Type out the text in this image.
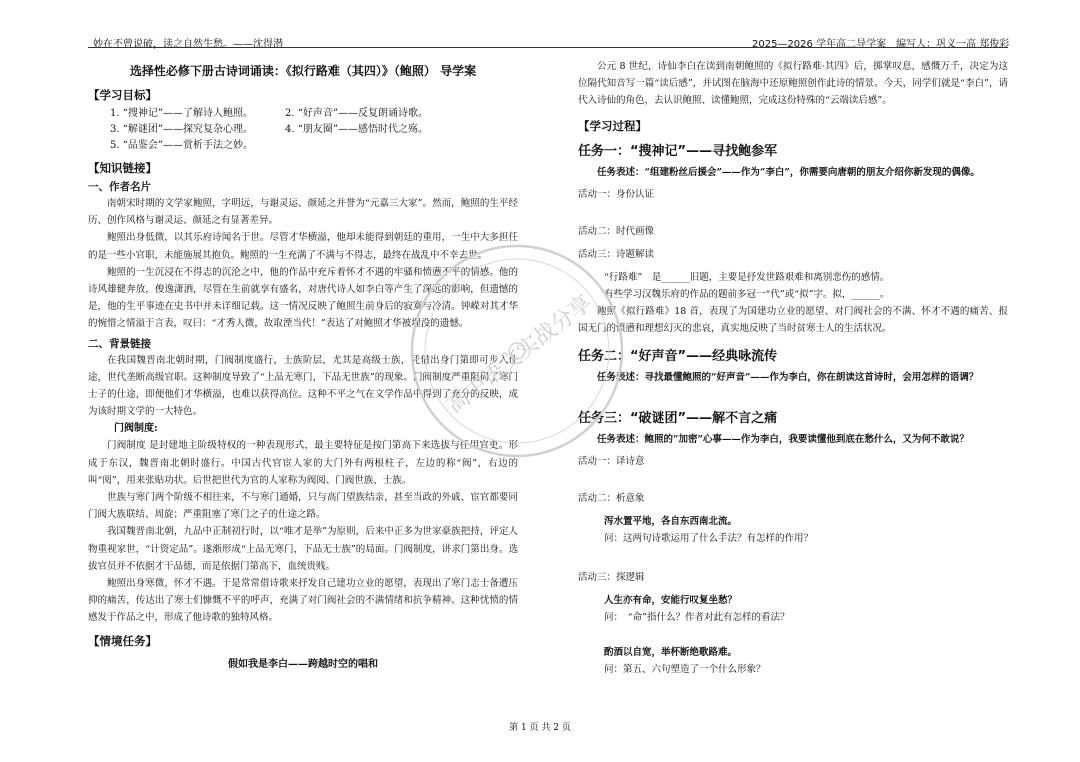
妙在不曾说破，读之自然生愁。——沈得潜	2025—2026 学年高二导学案　编写人：巩义一高 郑俊彩
选择性必修下册古诗词诵读：《拟行路难（其四）》（鲍照） 导学案
【学习目标】
1. “搜神记”——了解诗人鲍照。	2. “好声音”——反复朗诵诗歌。
3. “解谜团”——探究复杂心理。	4. “朋友圈”——感悟时代之殇。
5. “品鉴会”——赏析手法之妙。
【知识链接】
一、作者名片

南朝宋时期的文学家鲍照，字明远，与谢灵运、颜延之并誉为“元嘉三大家”。然而，鲍照的生平经历、创作风格与谢灵运、颜延之有显著差异。

鲍照出身低微，以其乐府诗闻名于世。尽管才华横溢，他却未能得到朝廷的重用，一生中大多担任的是一些小官职，未能施展其抱负。鲍照的一生充满了不满与不得志，最终在战乱中不幸去世。

鲍照的一生沉浸在不得志的沉沦之中，他的作品中充斥着怀才不遇的牢骚和愤懑不平的情感。他的诗风雄健奔放，俊逸潇洒，尽管在生前就享有盛名，对唐代诗人如李白等产生了深远的影响，但遗憾的是，他的生平事迹在史书中并未详细记载。这一情况反映了鲍照生前身后的寂寞与冷清。钟嵘对其才华的惋惜之情溢于言表，叹曰：“才秀人微，故取湮当代！”表达了对鲍照才华被埋没的遗憾。

二、背景链接

在我国魏晋南北朝时期，门阀制度盛行，士族阶层，尤其是高级士族，凭借出身门第即可步入仕途，世代垄断高级官职。这种制度导致了“上品无寒门，下品无世族”的现象。门阀制度严重阻碍了寒门士子的仕途，即便他们才华横溢，也难以获得高位。这种不平之气在文学作品中得到了充分的反映，成为该时期文学的一大特色。

门阀制度:

门阀制度 是封建地主阶级特权的一种表现形式，最主要特征是按门第高下来选拔与任用官吏。形成于东汉，魏晋南北朝时盛行。中国古代官宦人家的大门外有两根柱子，左边的称“阀”，右边的叫“阅”，用来张贴功状。后世把世代为官的人家称为阀阅、门阀世族、士族。

世族与寒门两个阶级不相往来，不与寒门通婚，只与高门望族结亲，甚至当政的外戚、宦官都要同门阀大族联结、周旋；严重阻塞了寒门之子的仕途之路。

我国魏晋南北朝，九品中正制初行时，以“唯才是举”为原则，后来中正多为世家豪族把持，评定人物重视家世，“计资定品”。遂渐形成“上品无寒门，下品无士族”的局面。门阀制度，讲求门第出身。选拔官员并不依据才干品德，而是依据门第高下，血统贵贱。

鲍照出身寒微，怀才不遇。于是常常借诗歌来抒发自己建功立业的愿望，表现出了寒门志士备遭压抑的痛苦，传达出了寒士们慷慨不平的呼声，充满了对门阀社会的不满情绪和抗争精神。这种忧愤的情感发于作品之中，形成了他诗歌的独特风格。

【情境任务】
假如我是李白——跨越时空的唱和

公元 8 世纪，诗仙李白在读到南朝鲍照的《拟行路难·其四》后，掷掌叹息，感慨万千，决定为这位隔代知音写一篇“读后感”，并试图在脑海中还原鲍照创作此诗的情景。今天，同学们就是“李白”，请代入诗仙的角色，去认识鲍照、读懂鲍照，完成这份特殊的“云端读后感”。

【学习过程】
任务一：“搜神记”——寻找鲍参军
任务表述：“组建粉丝后援会”——作为“李白”，你需要向唐朝的朋友介绍你新发现的偶像。
活动一：身份认证
活动二：时代画像
活动三：诗题解读
“行路难”　是______旧题，主要是抒发世路艰难和离别悲伤的感情。
有些学习汉魏乐府的作品的题前多冠一“代”或“拟”字。拟，______。

鲍照《拟行路难》18 首，表现了为国建功立业的愿望、对门阀社会的不满、怀才不遇的痛苦、报国无门的愤懑和理想幻灭的悲哀，真实地反映了当时贫寒士人的生活状况。

任务二：“好声音”——经典咏流传
任务表述：寻找最懂鲍照的“好声音”——作为李白，你在朗读这首诗时，会用怎样的语调？
任务三：“破谜团”——解不言之痛
任务表述：鲍照的“加密”心事——作为李白，我要读懂他到底在愁什么，又为何不敢说？
活动一：译诗意
活动二：析意象
泻水置平地，各自东西南北流。
问：这两句诗歌运用了什么手法？有怎样的作用？
活动三：探逻辑
人生亦有命，安能行叹复坐愁？
问：　“命”指什么？作者对此有怎样的看法？
酌酒以自宽，举杯断绝歌路难。
问：第五、六句塑造了一个什么形象？
高中语文实战分享
第 1 页 共 2 页
